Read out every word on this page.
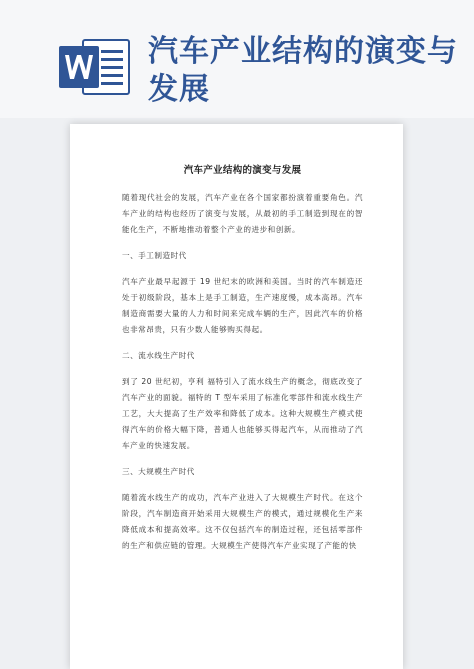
汽车产业结构的演变与发展
汽车产业结构的演变与发展

随着现代社会的发展，汽车产业在各个国家都扮演着重要角色。汽车产业的结构也经历了演变与发展，从最初的手工制造到现在的智能化生产，不断地推动着整个产业的进步和创新。

一、手工制造时代

汽车产业最早起源于 19 世纪末的欧洲和美国。当时的汽车制造还处于初级阶段，基本上是手工制造，生产速度慢，成本高昂。汽车制造商需要大量的人力和时间来完成车辆的生产，因此汽车的价格也非常昂贵，只有少数人能够购买得起。

二、流水线生产时代

到了 20 世纪初，亨利 福特引入了流水线生产的概念，彻底改变了汽车产业的面貌。福特的 T 型车采用了标准化零部件和流水线生产工艺，大大提高了生产效率和降低了成本。这种大规模生产模式使得汽车的价格大幅下降，普通人也能够买得起汽车，从而推动了汽车产业的快速发展。

三、大规模生产时代

随着流水线生产的成功，汽车产业进入了大规模生产时代。在这个阶段，汽车制造商开始采用大规模生产的模式，通过规模化生产来降低成本和提高效率。这不仅包括汽车的制造过程，还包括零部件的生产和供应链的管理。大规模生产使得汽车产业实现了产能的快
